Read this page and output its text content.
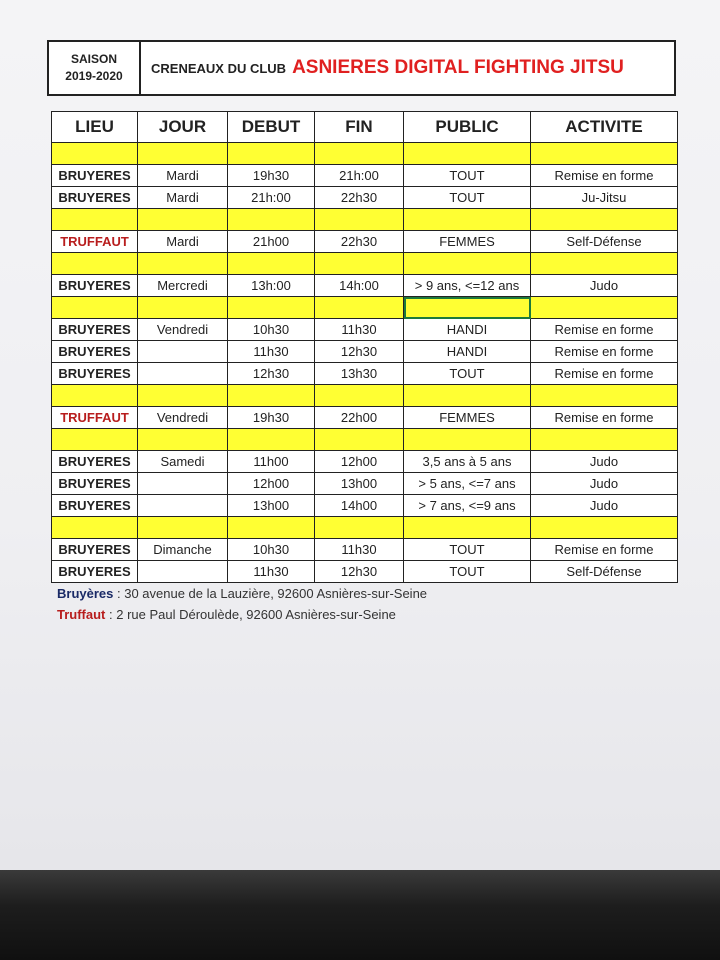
SAISON
2019-2020
CRENEAUX DU CLUB ASNIERES DIGITAL FIGHTING JITSU
LIEU	JOUR	DEBUT	FIN	PUBLIC	ACTIVITE

BRUYERES	Mardi	19h30	21h:00	TOUT	Remise en forme
BRUYERES	Mardi	21h:00	22h30	TOUT	Ju-Jitsu

TRUFFAUT	Mardi	21h00	22h30	FEMMES	Self-Défense

BRUYERES	Mercredi	13h:00	14h:00	> 9 ans, <=12 ans	Judo

BRUYERES	Vendredi	10h30	11h30	HANDI	Remise en forme
BRUYERES		11h30	12h30	HANDI	Remise en forme
BRUYERES		12h30	13h30	TOUT	Remise en forme

TRUFFAUT	Vendredi	19h30	22h00	FEMMES	Remise en forme

BRUYERES	Samedi	11h00	12h00	3,5 ans à 5 ans	Judo
BRUYERES		12h00	13h00	> 5 ans, <=7 ans	Judo
BRUYERES		13h00	14h00	> 7 ans, <=9 ans	Judo

BRUYERES	Dimanche	10h30	11h30	TOUT	Remise en forme
BRUYERES		11h30	12h30	TOUT	Self-Défense
Bruyères : 30 avenue de la Lauzière, 92600 Asnières-sur-Seine
Truffaut : 2 rue Paul Déroulède, 92600 Asnières-sur-Seine
